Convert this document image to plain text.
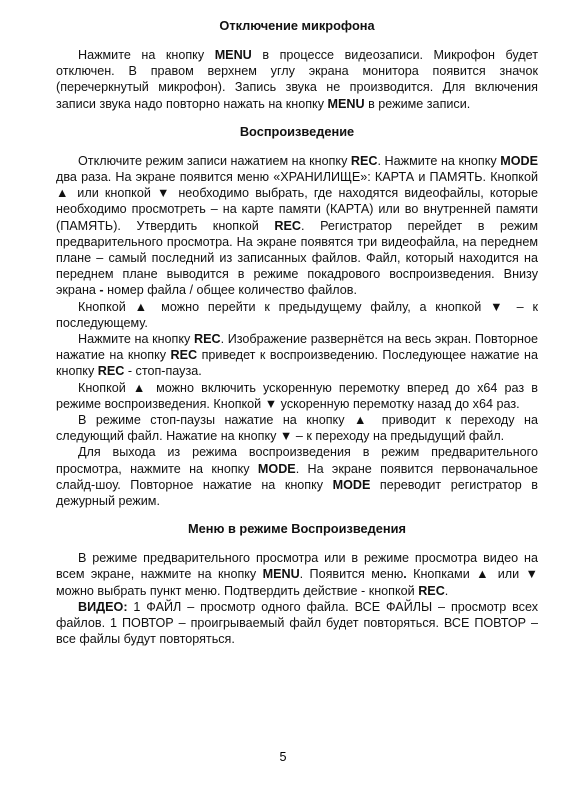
Отключение микрофона

Нажмите на кнопку MENU в процессе видеозаписи. Микрофон будет отключен. В правом верхнем углу экрана монитора появится значок (перечеркнутый микрофон). Запись звука не производится. Для включения записи звука надо повторно нажать на кнопку MENU в режиме записи.

Воспроизведение

Отключите режим записи нажатием на кнопку REC. Нажмите на кнопку MODE два раза. На экране появится меню «ХРАНИЛИЩЕ»: КАРТА и ПАМЯТЬ. Кнопкой ▲ или кнопкой ▼ необходимо выбрать, где находятся видеофайлы, которые необходимо просмотреть – на карте памяти (КАРТА) или во внутренней памяти (ПАМЯТЬ). Утвердить кнопкой REC. Регистратор перейдет в режим предварительного просмотра. На экране появятся три видеофайла, на переднем плане – самый последний из записанных файлов. Файл, который находится на переднем плане выводится в режиме покадрового воспроизведения. Внизу экрана - номер файла / общее количество файлов.

Кнопкой ▲ можно перейти к предыдущему файлу, а кнопкой ▼ – к последующему.

Нажмите на кнопку REC. Изображение развернётся на весь экран. Повторное нажатие на кнопку REC приведет к воспроизведению. Последующее нажатие на кнопку REC - стоп-пауза.

Кнопкой ▲ можно включить ускоренную перемотку вперед до x64 раз в режиме воспроизведения. Кнопкой ▼ ускоренную перемотку назад до x64 раз.

В режиме стоп-паузы нажатие на кнопку ▲ приводит к переходу на следующий файл. Нажатие на кнопку ▼ – к переходу на предыдущий файл.

Для выхода из режима воспроизведения в режим предварительного просмотра, нажмите на кнопку MODE. На экране появится первоначальное слайд-шоу. Повторное нажатие на кнопку MODE переводит регистратор в дежурный режим.

Меню в режиме Воспроизведения

В режиме предварительного просмотра или в режиме просмотра видео на всем экране, нажмите на кнопку MENU. Появится меню. Кнопками ▲ или ▼ можно выбрать пункт меню. Подтвердить действие - кнопкой REC.

ВИДЕО: 1 ФАЙЛ – просмотр одного файла. ВСЕ ФАЙЛЫ – просмотр всех файлов. 1 ПОВТОР – проигрываемый файл будет повторяться. ВСЕ ПОВТОР – все файлы будут повторяться.

5
